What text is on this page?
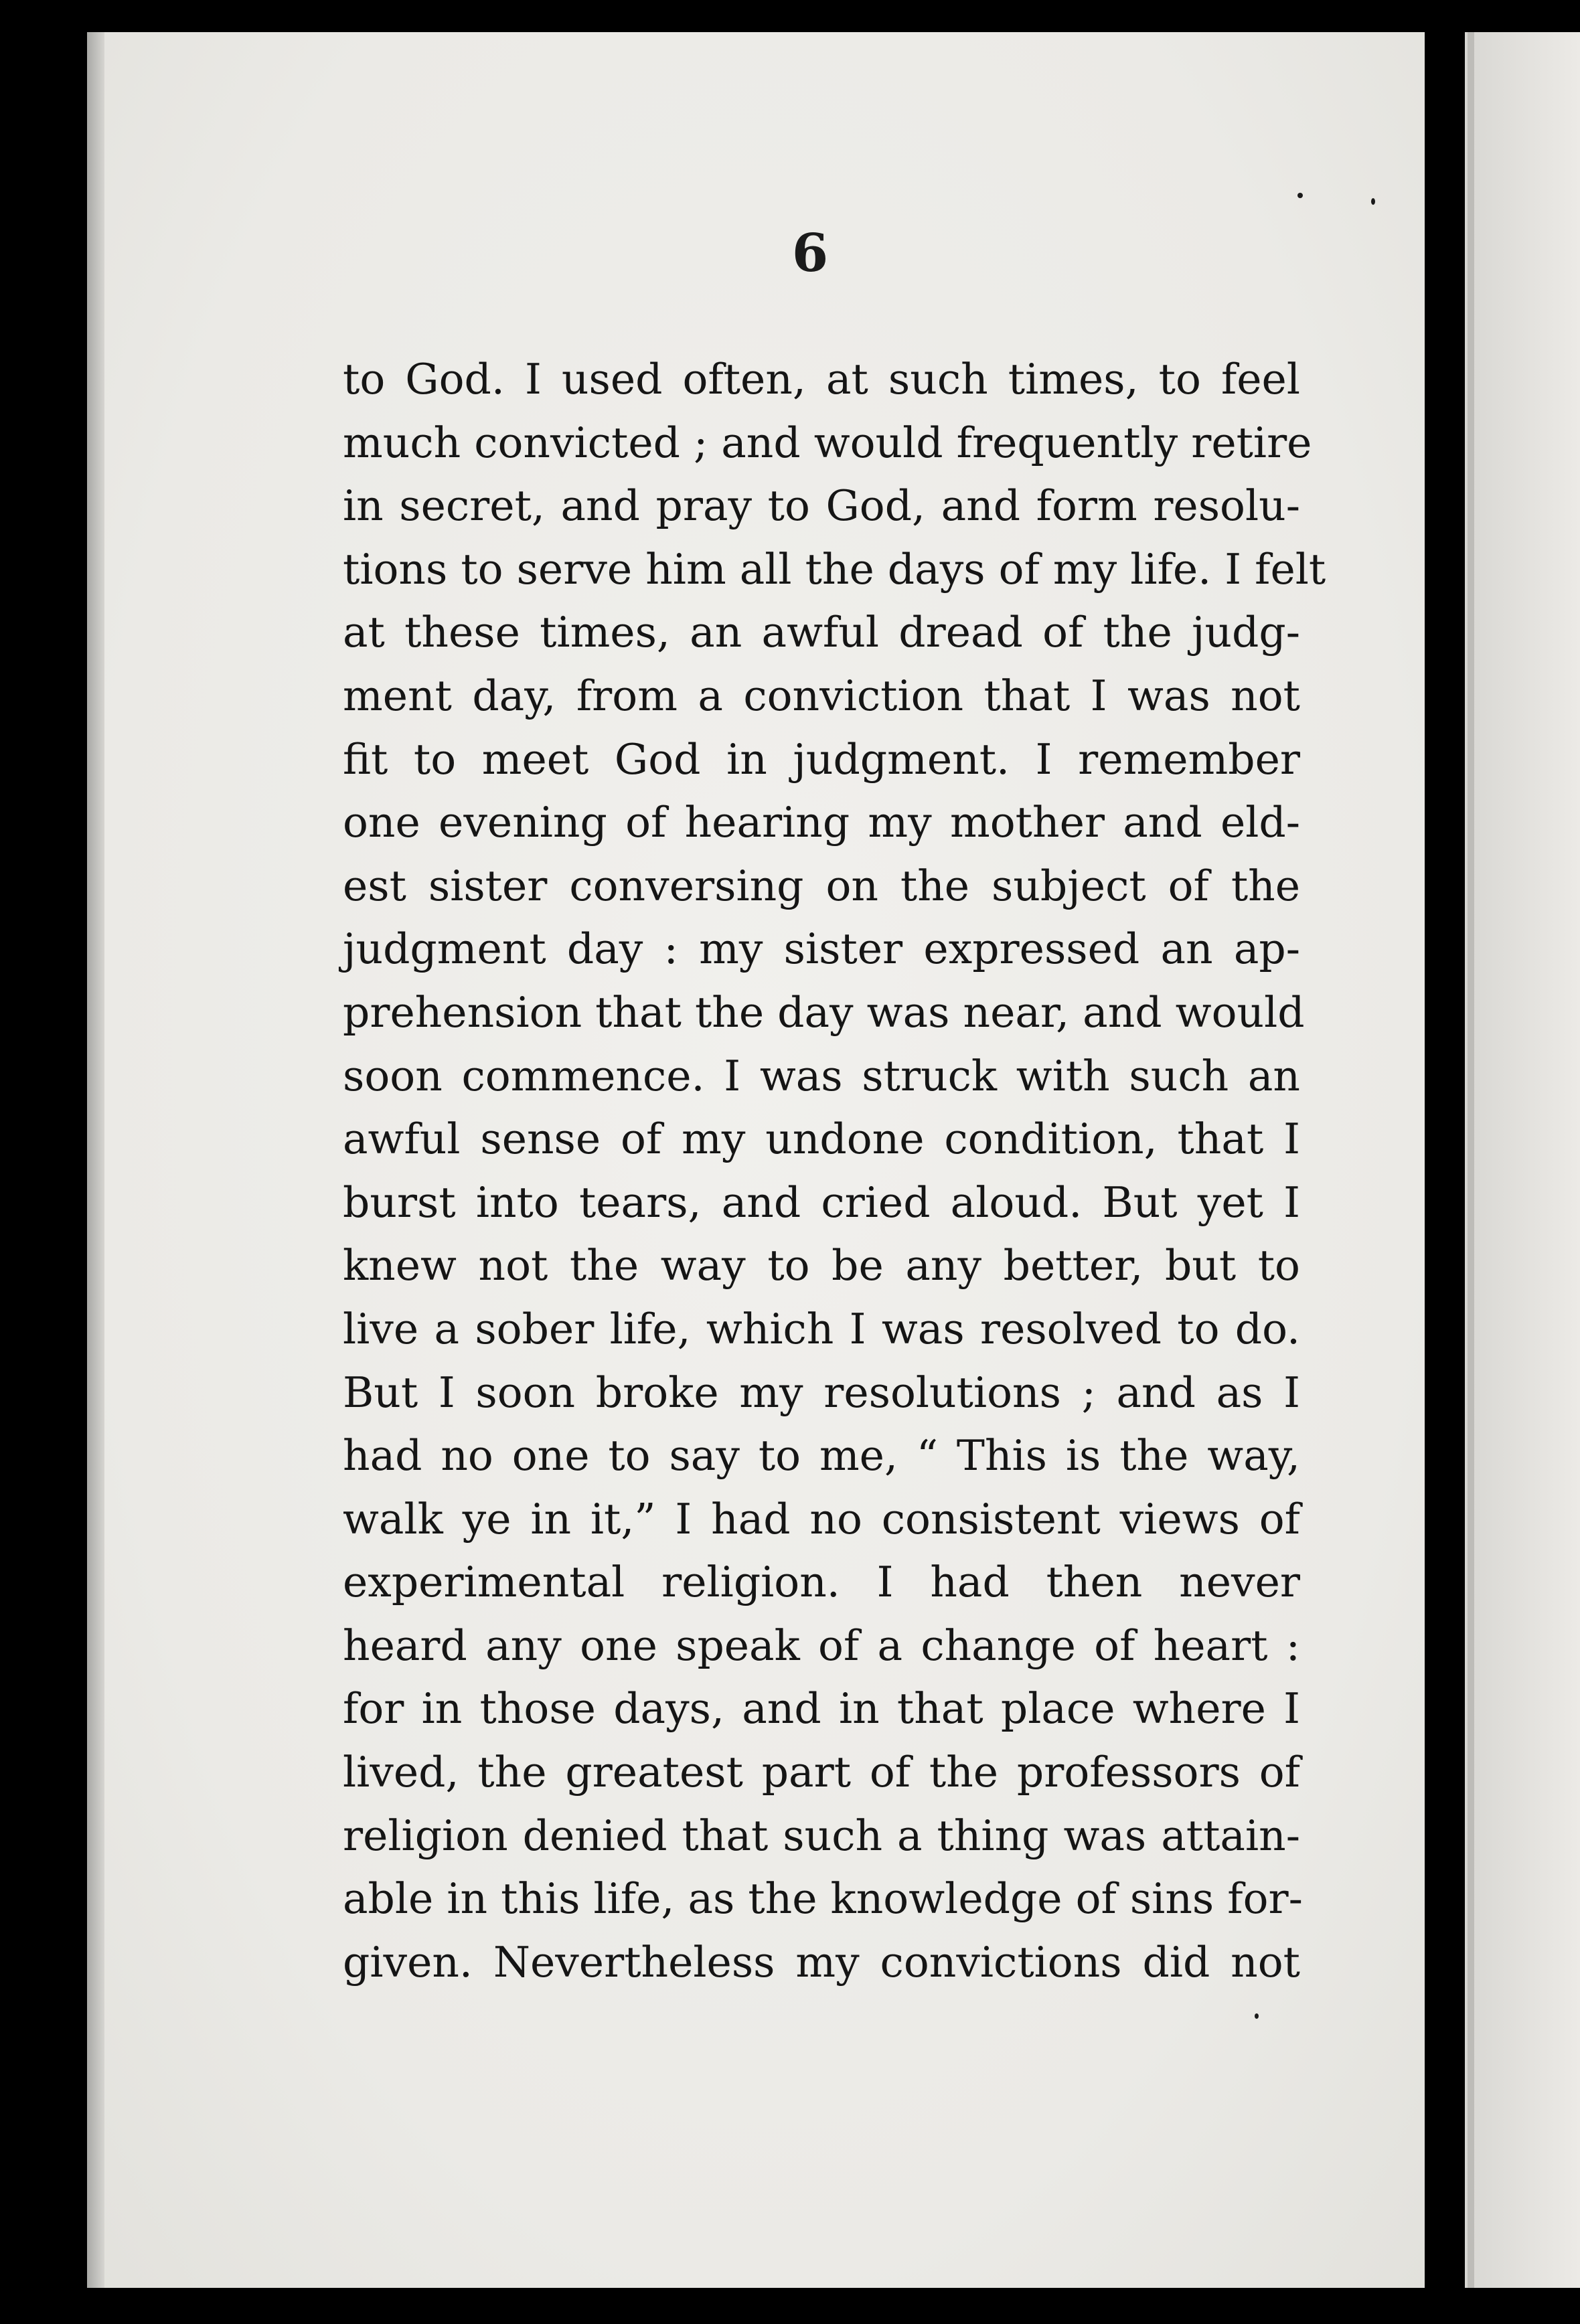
6
to God. I used often, at such times, to feel
much convicted ; and would frequently retire
in secret, and pray to God, and form resolu-
tions to serve him all the days of my life. I felt
at these times, an awful dread of the judg-
ment day, from a conviction that I was not
fit to meet God in judgment. I remember
one evening of hearing my mother and eld-
est sister conversing on the subject of the
judgment day : my sister expressed an ap-
prehension that the day was near, and would
soon commence. I was struck with such an
awful sense of my undone condition, that I
burst into tears, and cried aloud. But yet I
knew not the way to be any better, but to
live a sober life, which I was resolved to do.
But I soon broke my resolutions ; and as I
had no one to say to me, “ This is the way,
walk ye in it,” I had no consistent views of
experimental religion. I had then never
heard any one speak of a change of heart :
for in those days, and in that place where I
lived, the greatest part of the professors of
religion denied that such a thing was attain-
able in this life, as the knowledge of sins for-
given. Nevertheless my convictions did not
